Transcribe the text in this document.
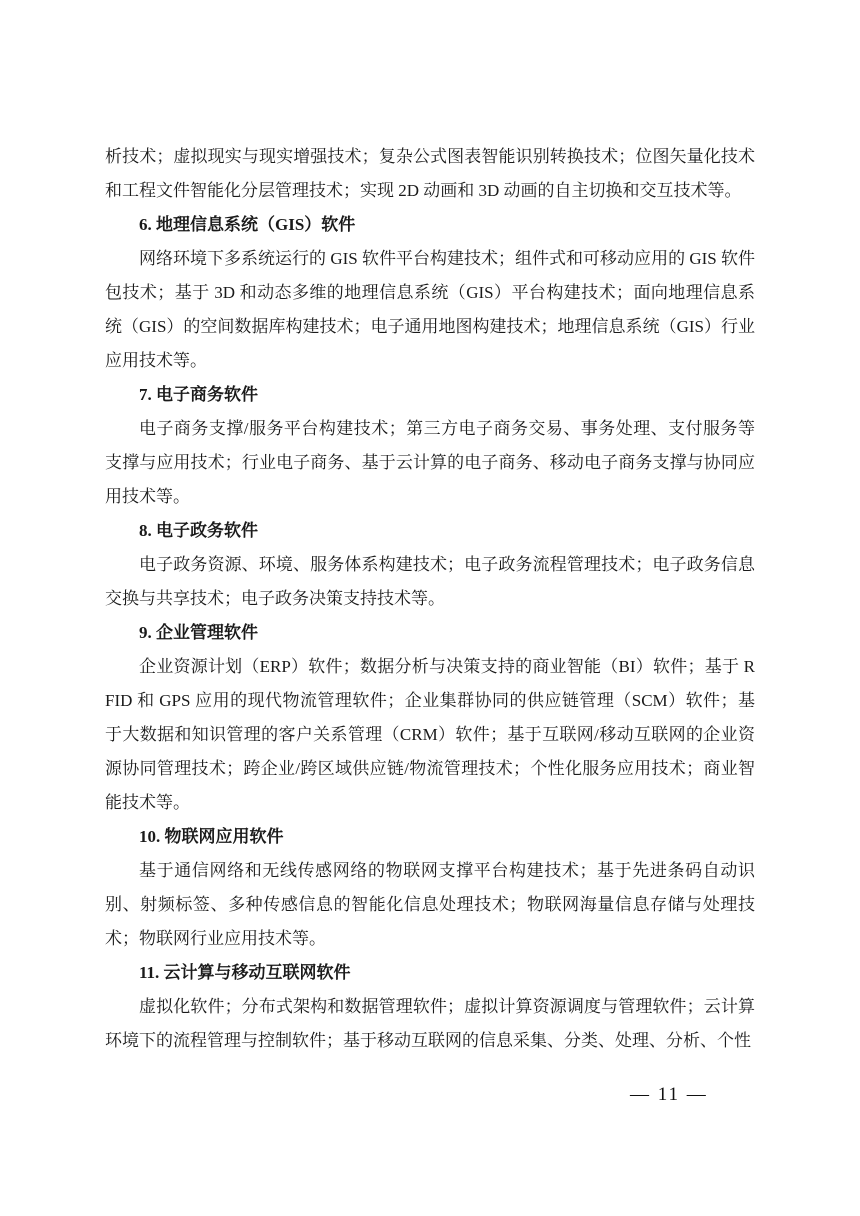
析技术；虚拟现实与现实增强技术；复杂公式图表智能识别转换技术；位图矢量化技术和工程文件智能化分层管理技术；实现 2D 动画和 3D 动画的自主切换和交互技术等。

6. 地理信息系统（GIS）软件

网络环境下多系统运行的 GIS 软件平台构建技术；组件式和可移动应用的 GIS 软件包技术；基于 3D 和动态多维的地理信息系统（GIS）平台构建技术；面向地理信息系统（GIS）的空间数据库构建技术；电子通用地图构建技术；地理信息系统（GIS）行业应用技术等。

7. 电子商务软件

电子商务支撑/服务平台构建技术；第三方电子商务交易、事务处理、支付服务等支撑与应用技术；行业电子商务、基于云计算的电子商务、移动电子商务支撑与协同应用技术等。

8. 电子政务软件

电子政务资源、环境、服务体系构建技术；电子政务流程管理技术；电子政务信息交换与共享技术；电子政务决策支持技术等。

9. 企业管理软件

企业资源计划（ERP）软件；数据分析与决策支持的商业智能（BI）软件；基于 RFID 和 GPS 应用的现代物流管理软件；企业集群协同的供应链管理（SCM）软件；基于大数据和知识管理的客户关系管理（CRM）软件；基于互联网/移动互联网的企业资源协同管理技术；跨企业/跨区域供应链/物流管理技术；个性化服务应用技术；商业智能技术等。

10. 物联网应用软件

基于通信网络和无线传感网络的物联网支撑平台构建技术；基于先进条码自动识别、射频标签、多种传感信息的智能化信息处理技术；物联网海量信息存储与处理技术；物联网行业应用技术等。

11. 云计算与移动互联网软件

虚拟化软件；分布式架构和数据管理软件；虚拟计算资源调度与管理软件；云计算环境下的流程管理与控制软件；基于移动互联网的信息采集、分类、处理、分析、个性

— 11 —
